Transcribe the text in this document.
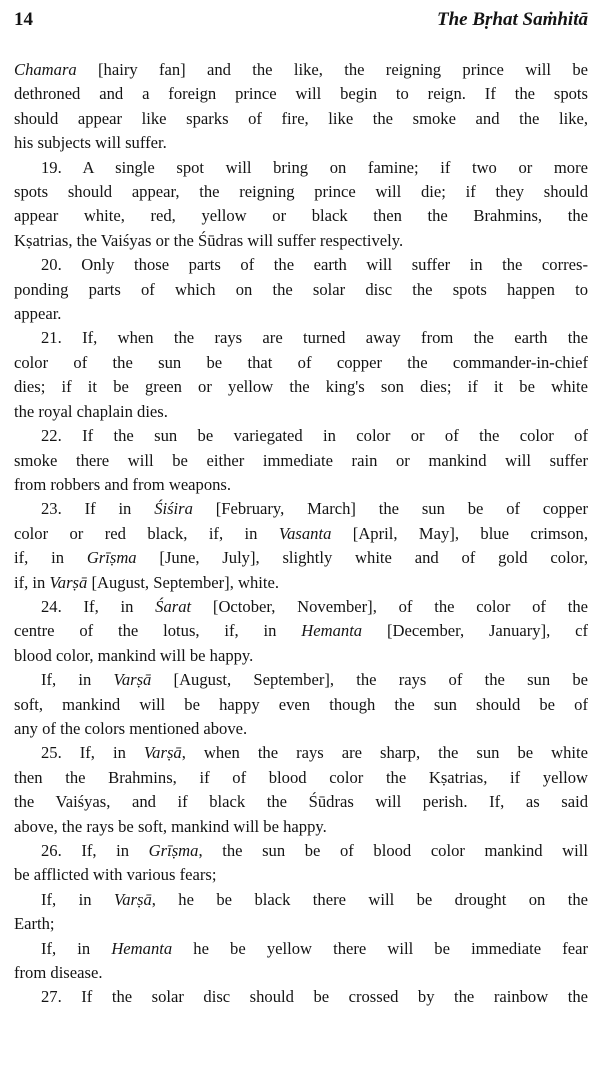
14	The Bṛhat Saṁhitā
Chamara [hairy fan] and the like, the reigning prince will be
dethroned and a foreign prince will begin to reign. If the spots
should appear like sparks of fire, like the smoke and the like,
his subjects will suffer.
19. A single spot will bring on famine; if two or more
spots should appear, the reigning prince will die; if they should
appear white, red, yellow or black then the Brahmins, the
Kṣatrias, the Vaiśyas or the Śūdras will suffer respectively.
20. Only those parts of the earth will suffer in the corres-
ponding parts of which on the solar disc the spots happen to
appear.
21. If, when the rays are turned away from the earth the
color of the sun be that of copper the commander-in-chief
dies; if it be green or yellow the king's son dies; if it be white
the royal chaplain dies.
22. If the sun be variegated in color or of the color of
smoke there will be either immediate rain or mankind will suffer
from robbers and from weapons.
23. If in Śiśira [February, March] the sun be of copper
color or red black, if, in Vasanta [April, May], blue crimson,
if, in Grīṣma [June, July], slightly white and of gold color,
if, in Varṣā [August, September], white.
24. If, in Śarat [October, November], of the color of the
centre of the lotus, if, in Hemanta [December, January], cf
blood color, mankind will be happy.
If, in Varṣā [August, September], the rays of the sun be
soft, mankind will be happy even though the sun should be of
any of the colors mentioned above.
25. If, in Varṣā, when the rays are sharp, the sun be white
then the Brahmins, if of blood color the Kṣatrias, if yellow
the Vaiśyas, and if black the Śūdras will perish. If, as said
above, the rays be soft, mankind will be happy.
26. If, in Grīṣma, the sun be of blood color mankind will
be afflicted with various fears;
If, in Varṣā, he be black there will be drought on the
Earth;
If, in Hemanta he be yellow there will be immediate fear
from disease.
27. If the solar disc should be crossed by the rainbow the
